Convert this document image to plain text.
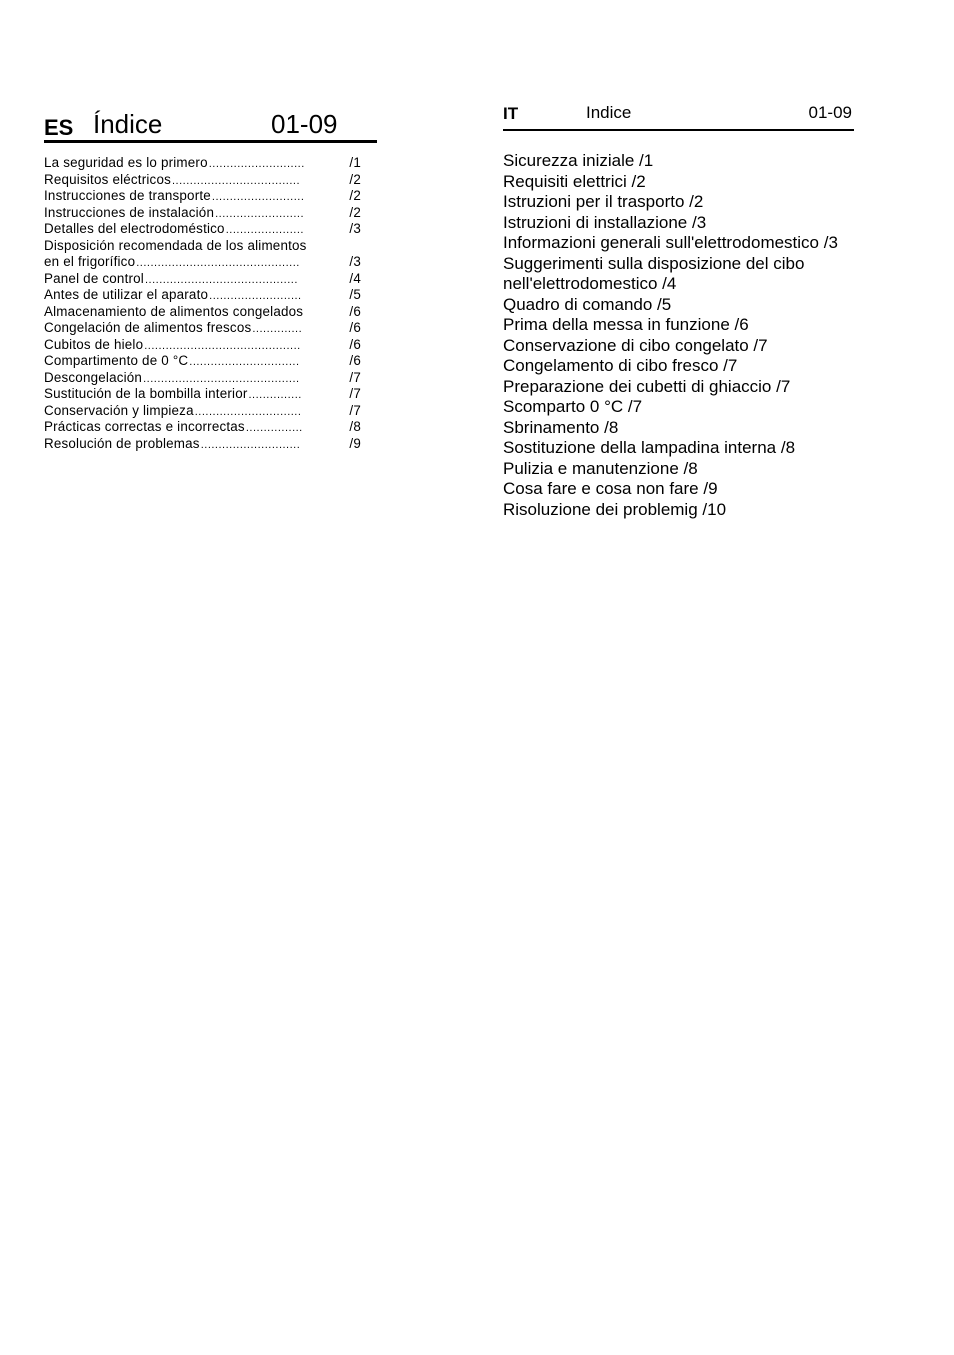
ES Índice	01-09
La seguridad es lo primero ...........................	/1
Requisitos eléctricos ....................................	/2
Instrucciones de transporte ..........................	/2
Instrucciones de instalación .........................	/2
Detalles del electrodoméstico ......................	/3
Disposición recomendada de los alimentos
en el frigorífico ..............................................	/3
Panel de control ...........................................	/4
Antes de utilizar el aparato ..........................	/5
Almacenamiento de alimentos congelados	/6
Congelación de alimentos frescos ..............	/6
Cubitos de hielo ............................................	/6
Compartimento de 0 °C ...............................	/6
Descongelación ............................................	/7
Sustitución de la bombilla interior ...............	/7
Conservación y limpieza ..............................	/7
Prácticas correctas e incorrectas ................	/8
Resolución de problemas ............................	/9
IT	Indice	01-09
Sicurezza iniziale /1
Requisiti elettrici /2
Istruzioni per il trasporto /2
Istruzioni di installazione /3
Informazioni generali sull'elettrodomestico /3
Suggerimenti sulla disposizione del cibo
nell'elettrodomestico /4
Quadro di comando /5
Prima della messa in funzione /6
Conservazione di cibo congelato /7
Congelamento di cibo fresco /7
Preparazione dei cubetti di ghiaccio /7
Scomparto 0 °C /7
Sbrinamento /8
Sostituzione della lampadina interna /8
Pulizia e manutenzione /8
Cosa fare e cosa non fare /9
Risoluzione dei problemig /10
